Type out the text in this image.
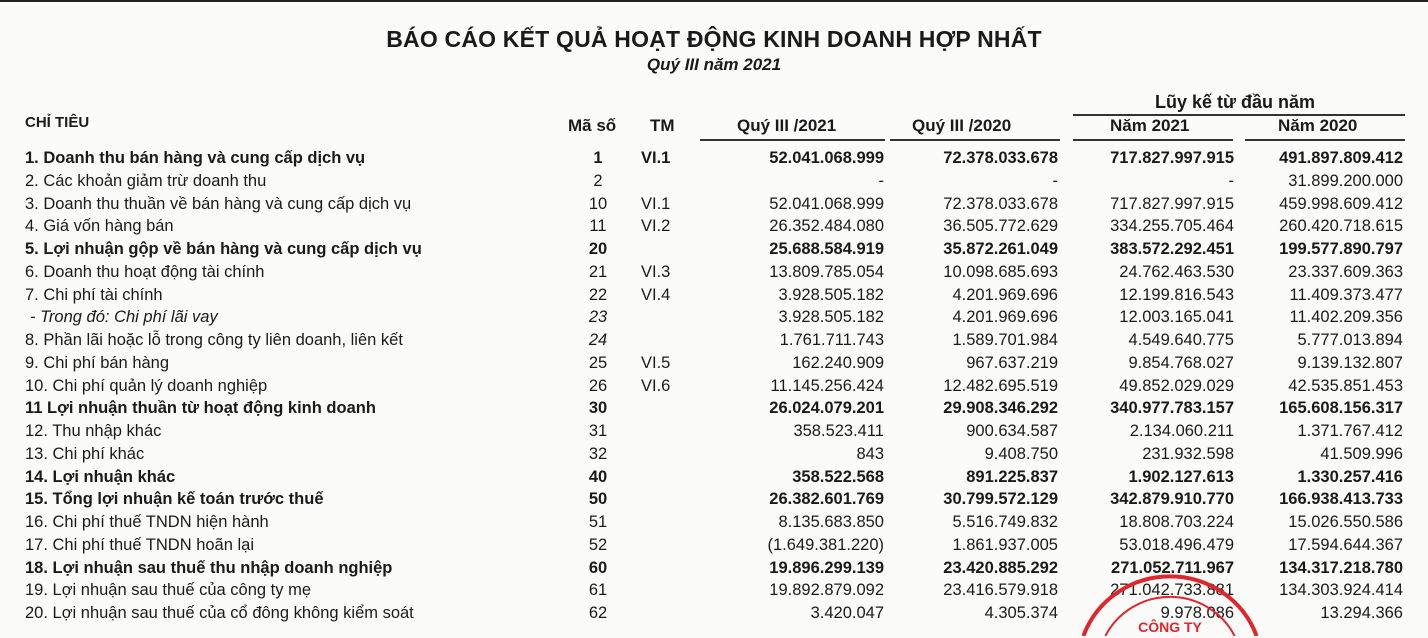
BÁO CÁO KẾT QUẢ HOẠT ĐỘNG KINH DOANH HỢP NHẤT
Quý III năm 2021
Lũy kế từ đầu năm
CHỈ TIÊU	Mã số TM	Quý III /2021	Quý III /2020	Năm 2021	Năm 2020
1. Doanh thu bán hàng và cung cấp dịch vụ	1	VI.1	52.041.068.999	72.378.033.678	717.827.997.915	491.897.809.412
2. Các khoản giảm trừ doanh thu	2	-	-	-	31.899.200.000
3. Doanh thu thuần về bán hàng và cung cấp dịch vụ	10	VI.1	52.041.068.999	72.378.033.678	717.827.997.915	459.998.609.412
4. Giá vốn hàng bán	11	VI.2	26.352.484.080	36.505.772.629	334.255.705.464	260.420.718.615
5. Lợi nhuận gộp về bán hàng và cung cấp dịch vụ	20	25.688.584.919	35.872.261.049	383.572.292.451	199.577.890.797
6. Doanh thu hoạt động tài chính	21	VI.3	13.809.785.054	10.098.685.693	24.762.463.530	23.337.609.363
7. Chi phí tài chính	22	VI.4	3.928.505.182	4.201.969.696	12.199.816.543	11.409.373.477
- Trong đó: Chi phí lãi vay	23	3.928.505.182	4.201.969.696	12.003.165.041	11.402.209.356
8. Phần lãi hoặc lỗ trong công ty liên doanh, liên kết	24	1.761.711.743	1.589.701.984	4.549.640.775	5.777.013.894
9. Chi phí bán hàng	25	VI.5	162.240.909	967.637.219	9.854.768.027	9.139.132.807
10. Chi phí quản lý doanh nghiệp	26	VI.6	11.145.256.424	12.482.695.519	49.852.029.029	42.535.851.453
11 Lợi nhuận thuần từ hoạt động kinh doanh	30	26.024.079.201	29.908.346.292	340.977.783.157	165.608.156.317
12. Thu nhập khác	31	358.523.411	900.634.587	2.134.060.211	1.371.767.412
13. Chi phí khác	32	843	9.408.750	231.932.598	41.509.996
14. Lợi nhuận khác	40	358.522.568	891.225.837	1.902.127.613	1.330.257.416
15. Tổng lợi nhuận kế toán trước thuế	50	26.382.601.769	30.799.572.129	342.879.910.770	166.938.413.733
16. Chi phí thuế TNDN hiện hành	51	8.135.683.850	5.516.749.832	18.808.703.224	15.026.550.586
17. Chi phí thuế TNDN hoãn lại	52	(1.649.381.220)	1.861.937.005	53.018.496.479	17.594.644.367
18. Lợi nhuận sau thuế thu nhập doanh nghiệp	60	19.896.299.139	23.420.885.292	271.052.711.967	134.317.218.780
19. Lợi nhuận sau thuế của công ty mẹ	61	19.892.879.092	23.416.579.918	271.042.733.881	134.303.924.414
20. Lợi nhuận sau thuế của cổ đông không kiểm soát	62	3.420.047	4.305.374	9.978.086	13.294.366
CÔNG TY
